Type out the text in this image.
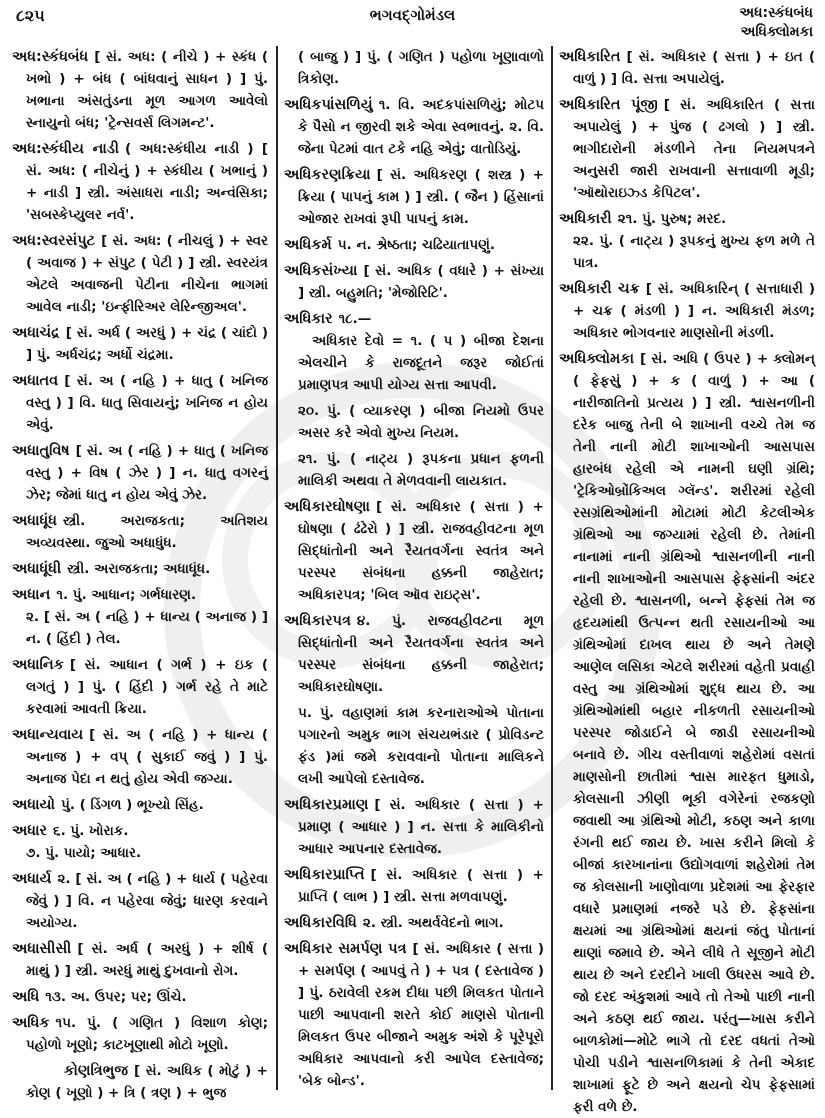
૮૨૫	ભગવદ્ગોમંડલ	અધ:સ્કંધબંધ
અધિક્લોમકા

અધ:સ્કંધબંધ [ સં. અધ: ( નીચે ) + સ્કંધ ( ખભો ) + બંધ ( બાંધવાનું સાધન ) ] પું. ખભાના અંસતુંડના મૂળ આગળ આવેલો સ્નાયુનો બંધ; 'ટ્રેન્સવર્સ લિગમન્ટ'.

અધ:સ્કંધીય નાડી ( અધ:સ્કંધીય નાડી ) [ સં. અધ: ( નીચેનું ) + સ્કંધીય ( ખભાનું ) + નાડી ] સ્ત્રી. અંસાધરા નાડી; અન્વંસિકા; 'સબસ્કેપ્યુલર નર્વ'.

અધ:સ્વરસંપુટ [ સં. અધ: ( નીચલું ) + સ્વર ( અવાજ ) + સંપુટ ( પેટી ) ] સ્ત્રી. સ્વરયંત્ર એટલે અવાજની પેટીના નીચેના ભાગમાં આવેલ નાડી; 'ઇન્ફીરિઅર લેરિન્જીઅલ'.

અધાચંદ્ર [ સં. અર્ધ ( અરધું ) + ચંદ્ર ( ચાંદો ) ] પું. અર્ધચંદ્ર; અર્ધો ચંદ્રમા.

અધાતવ [ સં. અ ( નહિ ) + ધાતુ ( ખનિજ વસ્તુ ) ] વિ. ધાતુ સિવાયનું; ખનિજ ન હોય એવું.

અધાતુવિષ [ સં. અ ( નહિ ) + ધાતુ ( ખનિજ વસ્તુ ) + વિષ ( ઝેર ) ] ન. ધાતુ વગરનું ઝેર; જેમાં ધાતુ ન હોય એવું ઝેર.

અધાધૂંધ સ્ત્રી. અરાજકતા; અતિશય અવ્યવસ્થા. જુઓ અધાધુંધ.

અધાધૂંધી સ્ત્રી. અરાજકતા; અધાધૂંધ.

અધાન ૧. પું. આધાન; ગર્ભધારણ.

૨. [ સં. અ ( નહિ ) + ધાન્ય ( અનાજ ) ] ન. ( હિંદી ) તેલ.

અધાનિક [ સં. આધાન ( ગર્ભ ) + ઇક ( લગતું ) ] પું. ( હિંદી ) ગર્ભ રહે તે માટે કરવામાં આવતી ક્રિયા.

અધાન્યવાય [ સં. અ ( નહિ ) + ધાન્ય ( અનાજ ) + વપ્ ( સુકાઈ જવું ) ] પું. અનાજ પેદા ન થતું હોય એવી જગ્યા.

અધાયો પું. ( ડિંગળ ) ભૂખ્યો સિંહ.

અધાર ૬. પું. ખોરાક.

૭. પું. પાયો; આધાર.

અધાર્ય ૨. [ સં. અ ( નહિ ) + ધાર્ય ( પહેરવા જેવું ) ] વિ. ન પહેરવા જેવું; ધારણ કરવાને અયોગ્ય.

અધાસીસી [ સં. અર્ધ ( અરધું ) + શીર્ષ ( માથું ) ] સ્ત્રી. અરધું માથું દુખવાનો રોગ.

અધિ ૧૩. અ. ઉપર; પર; ઊંચે.

અધિક ૧૫. પું. ( ગણિત ) વિશાળ કોણ; પહોળો ખૂણો; કાટખૂણાથી મોટો ખૂણો.

કોણત્રિભુજ [ સં. અધિક ( મોટું ) + કોણ ( ખૂણો ) + ત્રિ ( ત્રણ ) + ભુજ

( બાજુ ) ] પું. ( ગણિત ) પહોળા ખૂણાવાળો ત્રિકોણ.

અધિકપાંસળિયું ૧. વિ. અદકપાંસળિયું; મોટપ કે પૈસો ન જીરવી શકે એવા સ્વભાવનું. ૨. વિ. જેના પેટમાં વાત ટકે નહિ એવું; વાતોડિયું.

અધિકરણક્રિયા [ સં. અધિકરણ ( શસ્ત્ર ) + ક્રિયા ( પાપનું કામ ) ] સ્ત્રી. ( જૈન ) હિંસાનાં ઓજાર રાખવાં રૂપી પાપનું કામ.

અધિકર્મ ૫. ન. શ્રેષ્ઠતા; ચઢિયાતાપણું.

અધિકસંખ્યા [ સં. અધિક ( વધારે ) + સંખ્યા ] સ્ત્રી. બહુમતિ; 'મેજોરિટિ'.

અધિકાર ૧૮.—

અધિકાર દેવો = ૧. ( પ ) બીજા દેશના એલચીને કે રાજદૂતને જરૂર જોઈતાં પ્રમાણપત્ર આપી યોગ્ય સત્તા આપવી.

૨૦. પું. ( વ્યાકરણ ) બીજા નિયમો ઉપર અસર કરે એવો મુખ્ય નિયમ.

૨૧. પું. ( નાટ્ય ) રૂપકના પ્રધાન ફળની માલિકી અથવા તે મેળવવાની લાયકાત.

અધિકારઘોષણા [ સં. અધિકાર ( સત્તા ) + ઘોષણા ( ઢંઢેરો ) ] સ્ત્રી. રાજવહીવટના મૂળ સિદ્ધાંતોની અને રૈયતવર્ગના સ્વતંત્ર અને પરસ્પર સંબંધના હક્કની જાહેરાત; અધિકારપત્ર; 'બિલ ઑવ રાઇટ્સ'.

અધિકારપત્ર ૪. પું. રાજવહીવટના મૂળ સિદ્ધાંતોની અને રૈયતવર્ગના સ્વતંત્ર અને પરસ્પર સંબંધના હક્કની જાહેરાત; અધિકારઘોષણા.

૫. પું. વહાણમાં કામ કરનારાઓએ પોતાના પગારનો અમુક ભાગ સંચયભંડાર ( પ્રોવિડન્ટ ફંડ )માં જમે કરાવવાનો પોતાના માલિકને લખી આપેલો દસ્તાવેજ.

અધિકારપ્રમાણ [ સં. અધિકાર ( સત્તા ) + પ્રમાણ ( આધાર ) ] ન. સત્તા કે માલિકીનો આધાર આપનાર દસ્તાવેજ.

અધિકારપ્રાપ્તિ [ સં. અધિકાર ( સત્તા ) + પ્રાપ્તિ ( લાભ ) ] સ્ત્રી. સત્તા મળવાપણું.

અધિકારવિધિ ૨. સ્ત્રી. અથર્વવેદનો ભાગ.

અધિકાર સમર્પણ પત્ર [ સં. અધિકાર ( સત્તા ) + સમર્પણ ( આપવું તે ) + પત્ર ( દસ્તાવેજ ) ] પું. ઠરાવેલી રકમ દીધા પછી મિલકત પોતાને પાછી આપવાની શરતે કોઈ માણસે પોતાની મિલકત ઉપર બીજાને અમુક અંશે કે પૂરેપૂરો અધિકાર આપવાનો કરી આપેલ દસ્તાવેજ; 'બેક બોન્ડ'.

અધિકારિત [ સં. અધિકાર ( સત્તા ) + ઇત ( વાળું ) ] વિ. સત્તા અપાયેલું.

અધિકારિત પૂંજી [ સં. અધિકારિત ( સત્તા અપાયેલું ) + પુંજ ( ઢગલો ) ] સ્ત્રી. ભાગીદારોની મંડળીને તેના નિયમપત્રને અનુસરી જારી રાખવાની સત્તાવાળી મૂડી; 'ઑથોરાઇઝ્ડ કેપિટલ'.

અધિકારી ૨૧. પું. પુરુષ; મરદ.

૨૨. પું. ( નાટ્ય ) રૂપકનું મુખ્ય ફળ મળે તે પાત્ર.

અધિકારી ચક્ર [ સં. અધિકારિન્ ( સત્તાધારી ) + ચક્ર ( મંડળી ) ] ન. અધિકારી મંડળ; અધિકાર ભોગવનાર માણસોની મંડળી.

અધિક્લોમકા [ સં. અધિ ( ઉપર ) + ક્લોમન્ ( ફેફસું ) + ક ( વાળું ) + આ ( નારીજાતિનો પ્રત્યય ) ] સ્ત્રી. શ્વાસનળીની દરેક બાજુ તેની બે શાખાની વચ્ચે તેમ જ તેની નાની મોટી શાખાઓની આસપાસ હારબંધ રહેલી એ નામની ઘણી ગ્રંથિ; 'ટ્રેકિઓબ્રોંકિઅલ ગ્લૅન્ડ'. શરીરમાં રહેલી રસગ્રંથિઓમાંની મોટામાં મોટી કેટલીએક ગ્રંથિઓ આ જગ્યામાં રહેલી છે. તેમાંની નાનામાં નાની ગ્રંથિઓ શ્વાસનળીની નાની નાની શાખાઓની આસપાસ ફેફસાંની અંદર રહેલી છે. શ્વાસનળી, બન્ને ફેફસાં તેમ જ હૃદયમાંથી ઉત્પન્ન થતી રસાયનીઓ આ ગ્રંથિઓમાં દાખલ થાય છે અને તેમણે આણેલ લસિકા એટલે શરીરમાં વહેતી પ્રવાહી વસ્તુ આ ગ્રંથિઓમાં શુદ્ધ થાય છે. આ ગ્રંથિઓમાંથી બહાર નીકળતી રસાયનીઓ પરસ્પર જોડાઈને બે જાડી રસાયનીઓ બનાવે છે. ગીચ વસ્તીવાળાં શહેરોમાં વસતાં માણસોની છાતીમાં શ્વાસ મારફત ધુમાડો, કોલસાની ઝીણી ભૂકી વગેરેનાં રજકણો જવાથી આ ગ્રંથિઓ મોટી, કઠણ અને કાળા રંગની થઈ જાય છે. ખાસ કરીને મિલો કે બીજાં કારખાનાંના ઉદ્યોગવાળાં શહેરોમાં તેમ જ કોલસાની ખાણોવાળા પ્રદેશમાં આ ફેરફાર વધારે પ્રમાણમાં નજરે પડે છે. ફેફસાંના ક્ષયમાં આ ગ્રંથિઓમાં ક્ષયનાં જંતુ પોતાનાં થાણાં જમાવે છે. એને લીધે તે સૂજીને મોટી થાય છે અને દરદીને ખાલી ઉધરસ આવે છે. જો દરદ અંકુશમાં આવે તો તેઓ પાછી નાની અને કઠણ થઈ જાય. પરંતુ—ખાસ કરીને બાળકોમાં—મોટે ભાગે તો દરદ વધતાં તેઓ પોચી પડીને શ્વાસનળિકામાં કે તેની એકાદ શાખામાં ફૂટે છે અને ક્ષયનો ચેપ ફેફસામાં ફરી વળે છે.
